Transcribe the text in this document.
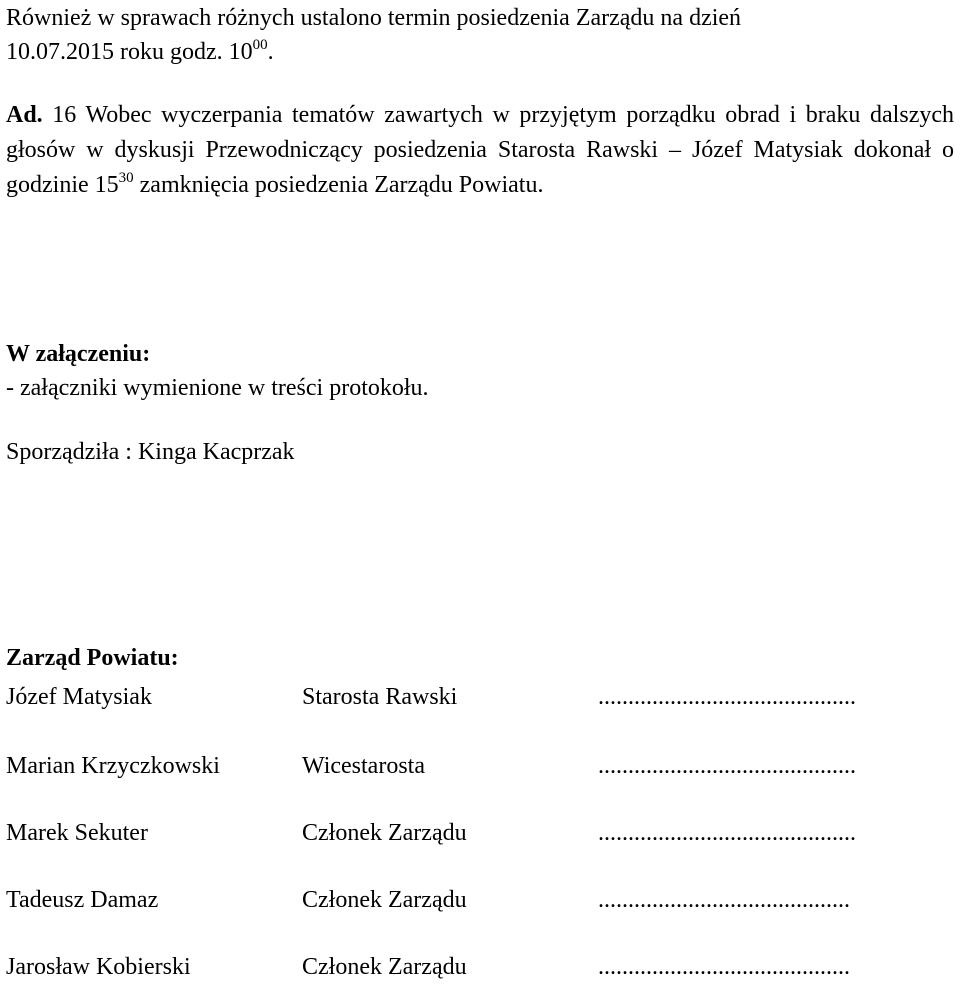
Również w sprawach różnych ustalono termin posiedzenia Zarządu na dzień
10.07.2015 roku godz. $10^{00}$.
Ad. 16 Wobec wyczerpania tematów zawartych w przyjętym porządku obrad i braku dalszych głosów w dyskusji Przewodniczący posiedzenia Starosta Rawski – Józef Matysiak dokonał o godzinie $15^{30}$ zamknięcia posiedzenia Zarządu Powiatu.
W załączeniu:
- załączniki wymienione w treści protokołu.
Sporządziła : Kinga Kacprzak
Zarząd Powiatu:
Józef Matysiak	Starosta Rawski	...........................................
Marian Krzyczkowski	Wicestarosta	...........................................
Marek Sekuter	Członek Zarządu	...........................................
Tadeusz Damaz	Członek Zarządu	..........................................
Jarosław Kobierski	Członek Zarządu	..........................................
